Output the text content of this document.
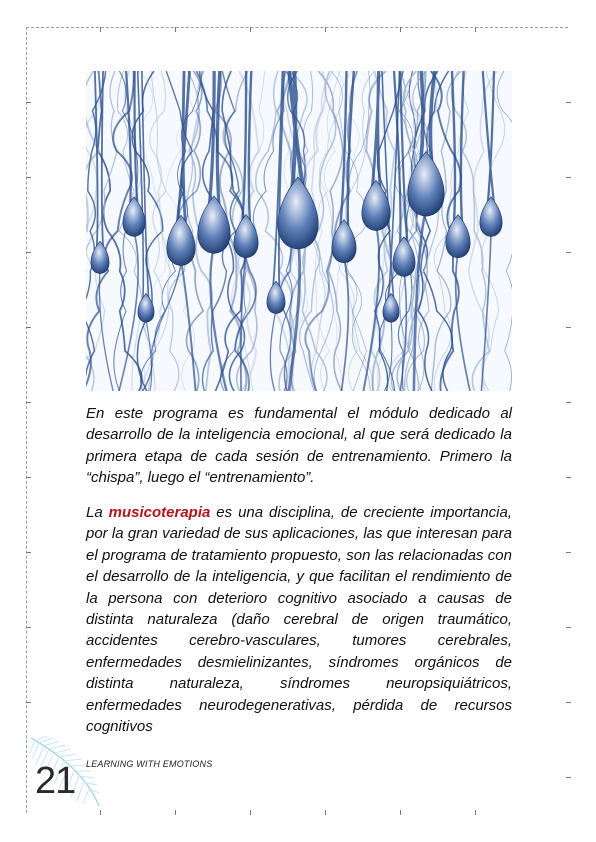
En este programa es fundamental el módulo dedicado al desarrollo de la inteligencia emocional, al que será dedicado la primera etapa de cada sesión de entrenamiento. Primero la “chispa”, luego el “entrenamiento”.

La musicoterapia es una disciplina, de creciente importancia, por la gran variedad de sus aplicaciones, las que interesan para el programa de tratamiento propuesto, son las relacionadas con el desarrollo de la inteligencia, y que facilitan el rendimiento de la persona con deterioro cognitivo asociado a causas de distinta naturaleza (daño cerebral de origen traumático, accidentes cerebro-vasculares, tumores cerebrales, enfermedades desmielinizantes, síndromes orgánicos de distinta naturaleza, síndromes neuropsiquiátricos, enfermedades neurodegenerativas, pérdida de recursos cognitivos

21 LEARNING WITH EMOTIONS
